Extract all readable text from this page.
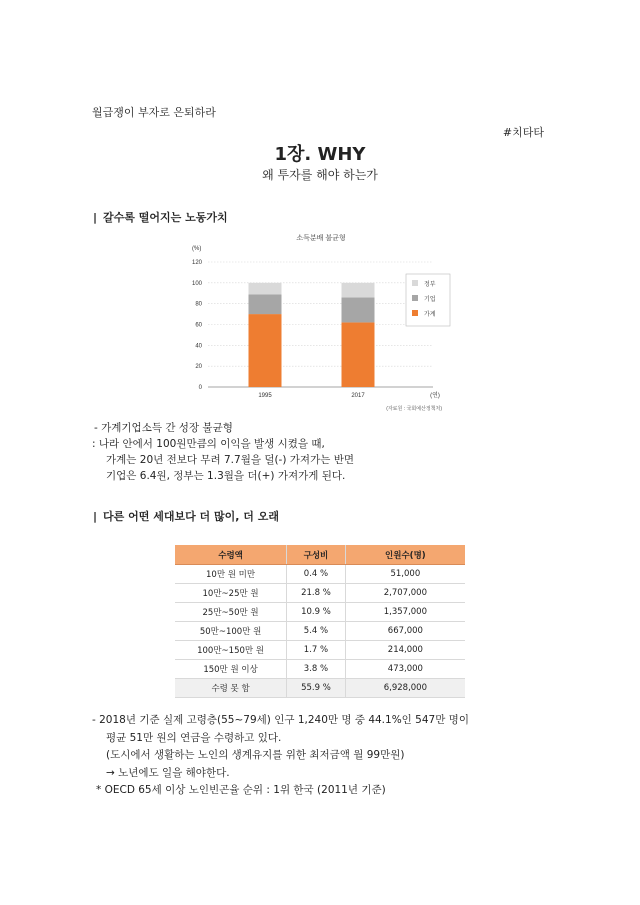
월급쟁이 부자로 은퇴하라
#치타타
1장. WHY
왜 투자를 해야 하는가
| 갈수록 떨어지는 노동가치
소득분배 불균형
(%)
0
20
40
60
80
100
120
1995	2017	(연)
(자료원 : 국회예산정책처)
정부
기업
가계
- 가계기업소득 간 성장 불균형
: 나라 안에서 100원만큼의 이익을 발생 시켰을 때,
가계는 20년 전보다 무려 7.7월을 덜(-) 가져가는 반면
기업은 6.4원, 정부는 1.3월을 더(+) 가져가게 된다.
| 다른 어떤 세대보다 더 많이, 더 오래
수령액	구성비	인원수(명)
10만 원 미만	0.4 %	51,000
10만~25만 원	21.8 %	2,707,000
25만~50만 원	10.9 %	1,357,000
50만~100만 원	5.4 %	667,000
100만~150만 원	1.7 %	214,000
150만 원 이상	3.8 %	473,000
수령 못 함	55.9 %	6,928,000
- 2018년 기준 실제 고령층(55~79세) 인구 1,240만 명 중 44.1%인 547만 명이
평균 51만 원의 연금을 수령하고 있다.
(도시에서 생활하는 노인의 생계유지를 위한 최저금액 월 99만원)
→ 노년에도 일을 해야한다.
* OECD 65세 이상 노인빈곤율 순위 : 1위 한국 (2011년 기준)
